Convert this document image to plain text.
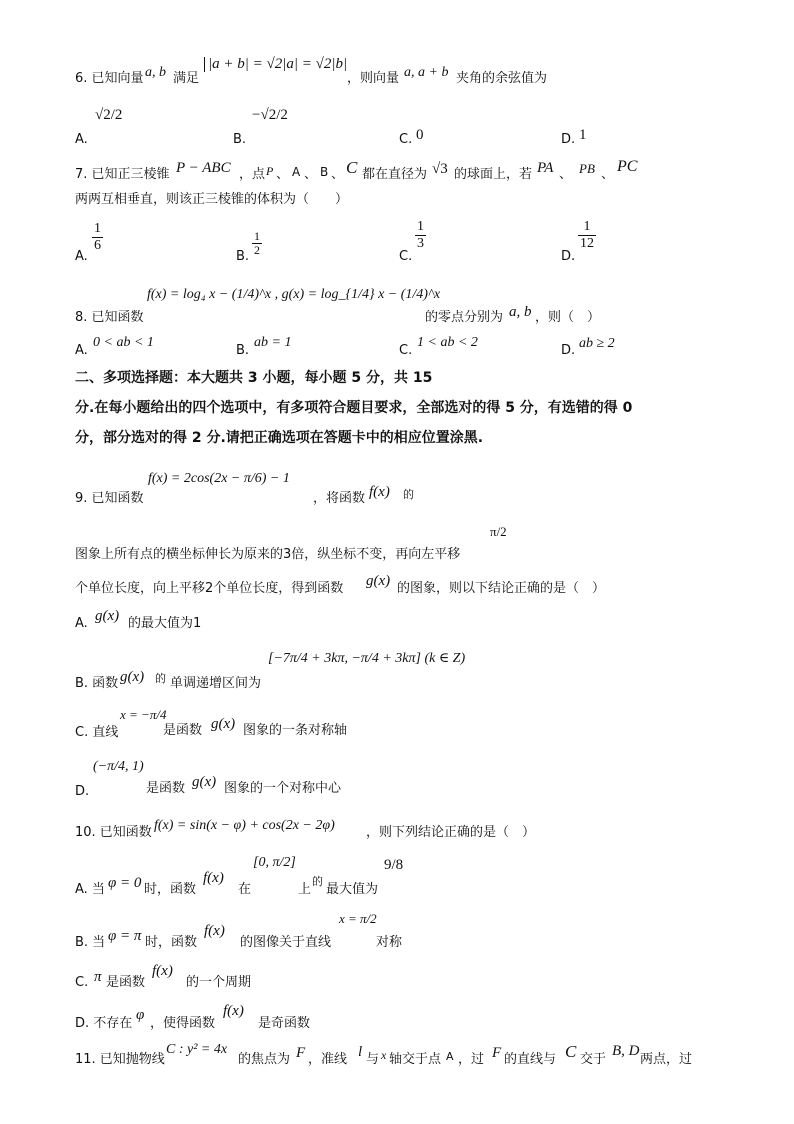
6. 已知向量 a, b 满足
|a + b| = √2|a| = √2|b|
，则向量 a, a + b 夹角的余弦值为
A.
√2/2
B.
−√2/2
C. 0	D. 1
7. 已知正三棱锥 P − ABC ，点 P 、 A 、 B 、 C 都在直径为 √3 的球面上，若 PA 、 PB 、 PC
两两互相垂直，则该正三棱锥的体积为（　　）
A.
$\frac{1}{6}$
B. $\frac{1}{2}$	C.
$\frac{1}{3}$
D.
$\frac{1}{12}$
8. 已知函数
f(x) = log₄ x − (1/4)^x , g(x) = log_{1/4} x − (1/4)^x
的零点分别为 a, b ，则（　）
A.
0 < ab < 1
B.
ab = 1
C.
1 < ab < 2
D. ab ≥ 2
二、多项选择题：本大题共 3 小题，每小题 5 分，共 15
分.在每小题给出的四个选项中，有多项符合题目要求，全部选对的得 5 分，有选错的得 0
分，部分选对的得 2 分.请把正确选项在答题卡中的相应位置涂黑.
9. 已知函数
f(x) = 2cos(2x − π/6) − 1
，将函数 f(x) 的
图象上所有点的横坐标伸长为原来的3倍，纵坐标不变，再向左平移
π/2
个单位长度，向上平移2个单位长度，得到函数 g(x) 的图象，则以下结论正确的是（　）
A. g(x) 的最大值为1
B. 函数 g(x) 的 单调递增区间为
[−7π/4 + 3kπ, −π/4 + 3kπ] (k ∈ Z)
C. 直线
x = −π/4
是函数 g(x) 图象的一条对称轴
D.
(−π/4, 1)
是函数 g(x) 图象的一个对称中心
10. 已知函数 f(x) = sin(x − φ) + cos(2x − 2φ) ，则下列结论正确的是（　）
A. 当 φ = 0 时，函数
f(x)
在
[0, π/2]
上
的
最大值为
9/8
B. 当 φ = π 时，函数
f(x)
的图像关于直线
x = π/2
对称
C. π 是函数
f(x)
的一个周期
D. 不存在
φ
，使得函数
f(x)
是奇函数
11. 已知抛物线
C : y² = 4x
的焦点为 F ，准线 l 与 x 轴交于点 A ，过 F 的直线与 C 交于
B, D
两点，过
